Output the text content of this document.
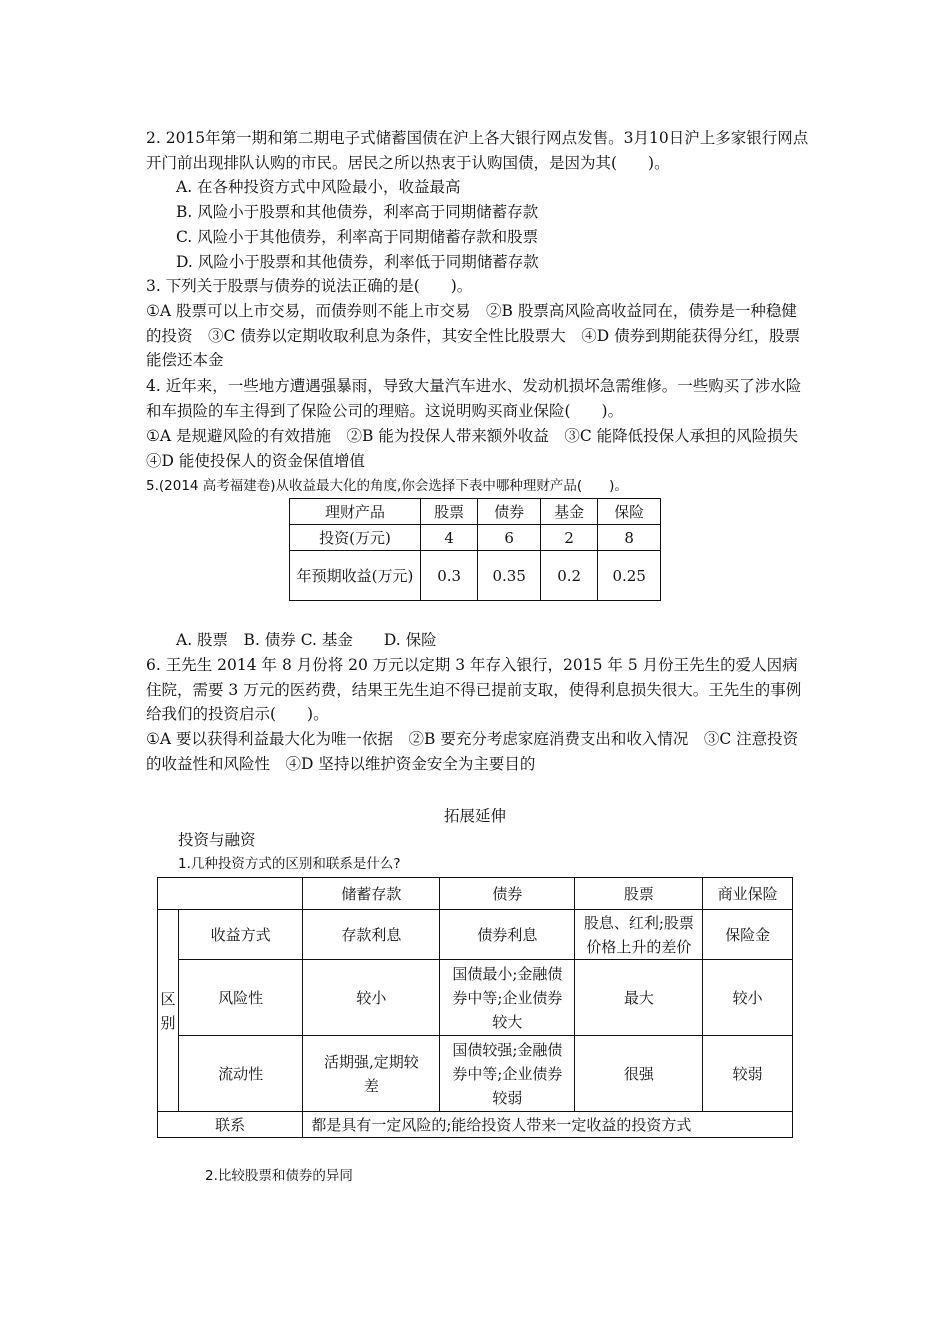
2. 2015年第一期和第二期电子式储蓄国债在沪上各大银行网点发售。3月10日沪上多家银行网点开门前出现排队认购的市民。居民之所以热衷于认购国债，是因为其(　　)。
A. 在各种投资方式中风险最小，收益最高
B. 风险小于股票和其他债券，利率高于同期储蓄存款
C. 风险小于其他债券，利率高于同期储蓄存款和股票
D. 风险小于股票和其他债券，利率低于同期储蓄存款
3. 下列关于股票与债券的说法正确的是(　　)。
①A 股票可以上市交易，而债券则不能上市交易　②B 股票高风险高收益同在，债券是一种稳健的投资　③C 债券以定期收取利息为条件，其安全性比股票大　④D 债券到期能获得分红，股票能偿还本金
4. 近年来，一些地方遭遇强暴雨，导致大量汽车进水、发动机损坏急需维修。一些购买了涉水险和车损险的车主得到了保险公司的理赔。这说明购买商业保险(　　)。
①A 是规避风险的有效措施　②B 能为投保人带来额外收益　③C 能降低投保人承担的风险损失　④D 能使投保人的资金保值增值
5.(2014 高考福建卷)从收益最大化的角度,你会选择下表中哪种理财产品(　　)。
理财产品	股票	债券	基金	保险
投资(万元)	4	6	2	8
年预期收益(万元)	0.3	0.35	0.2	0.25
A. 股票　B. 债券 C. 基金　　D. 保险
6. 王先生 2014 年 8 月份将 20 万元以定期 3 年存入银行，2015 年 5 月份王先生的爱人因病住院，需要 3 万元的医药费，结果王先生迫不得已提前支取，使得利息损失很大。王先生的事例给我们的投资启示(　　)。
①A 要以获得利益最大化为唯一依据　②B 要充分考虑家庭消费支出和收入情况　③C 注意投资的收益性和风险性　④D 坚持以维护资金安全为主要目的
拓展延伸
投资与融资
1.几种投资方式的区别和联系是什么?
		储蓄存款	债券	股票	商业保险
区别	收益方式	存款利息	债券利息	股息、红利;股票价格上升的差价	保险金
	风险性	较小	国债最小;金融债券中等;企业债券较大	最大	较小
	流动性	活期强,定期较差	国债较强;金融债券中等;企业债券较弱	很强	较弱
联系		都是具有一定风险的;能给投资人带来一定收益的投资方式			
2.比较股票和债券的异同
